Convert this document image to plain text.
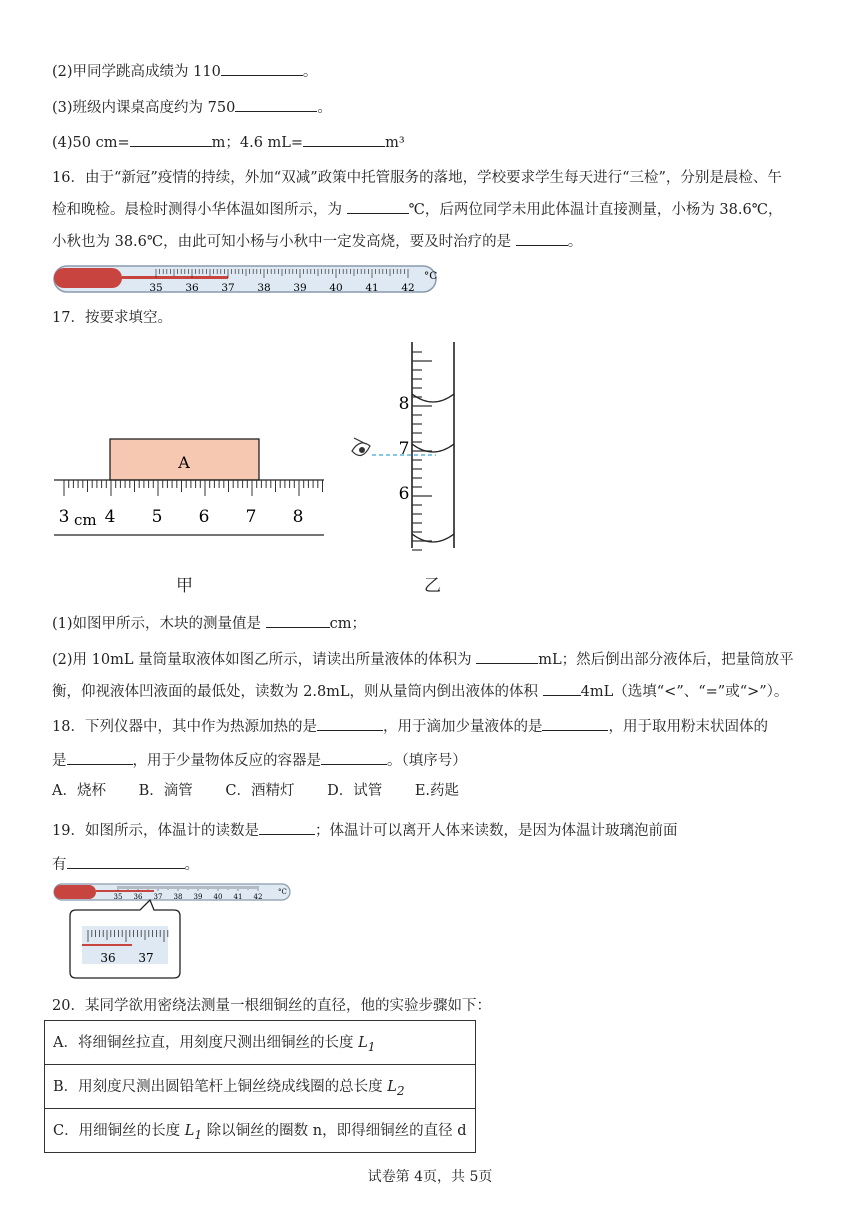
(2)甲同学跳高成绩为 110	。
(3)班级内课桌高度约为 750	。
(4)50 cm=	m；4.6 mL=	m³
16．由于“新冠”疫情的持续，外加“双减”政策中托管服务的落地，学校要求学生每天进行“三检”，分别是晨检、午
检和晚检。晨检时测得小华体温如图所示，为	℃，后两位同学未用此体温计直接测量，小杨为 38.6℃，
小秋也为 38.6℃，由此可知小杨与小秋中一定发高烧，要及时治疗的是	。
35 36 37 38 39 40 41 42
°C
17．按要求填空。
A
3 cm 4 5 6 7 8
甲
8
7
6
乙
(1)如图甲所示，木块的测量值是	cm；
(2)用 10mL 量筒量取液体如图乙所示，请读出所量液体的体积为	mL；然后倒出部分液体后，把量筒放平
衡，仰视液体凹液面的最低处，读数为 2.8mL，则从量筒内倒出液体的体积	4mL（选填“<”、“=”或“>”）。
18．下列仪器中，其中作为热源加热的是	，用于滴加少量液体的是	，用于取用粉末状固体的
是	，用于少量物体反应的容器是	。（填序号）
A．烧杯 B．滴管 C．酒精灯 D．试管 E.药匙
19．如图所示，体温计的读数是	；体温计可以离开人体来读数，是因为体温计玻璃泡前面
有	。
35 36 37 38 39 40 41 42
°C
36 37
20．某同学欲用密绕法测量一根细铜丝的直径，他的实验步骤如下：
A．将细铜丝拉直，用刻度尺测出细铜丝的长度 $L_1$
B．用刻度尺测出圆铅笔杆上铜丝绕成线圈的总长度 $L_2$
C．用细铜丝的长度 $L_1$ 除以铜丝的圈数 n，即得细铜丝的直径 d
试卷第 4页，共 5页
